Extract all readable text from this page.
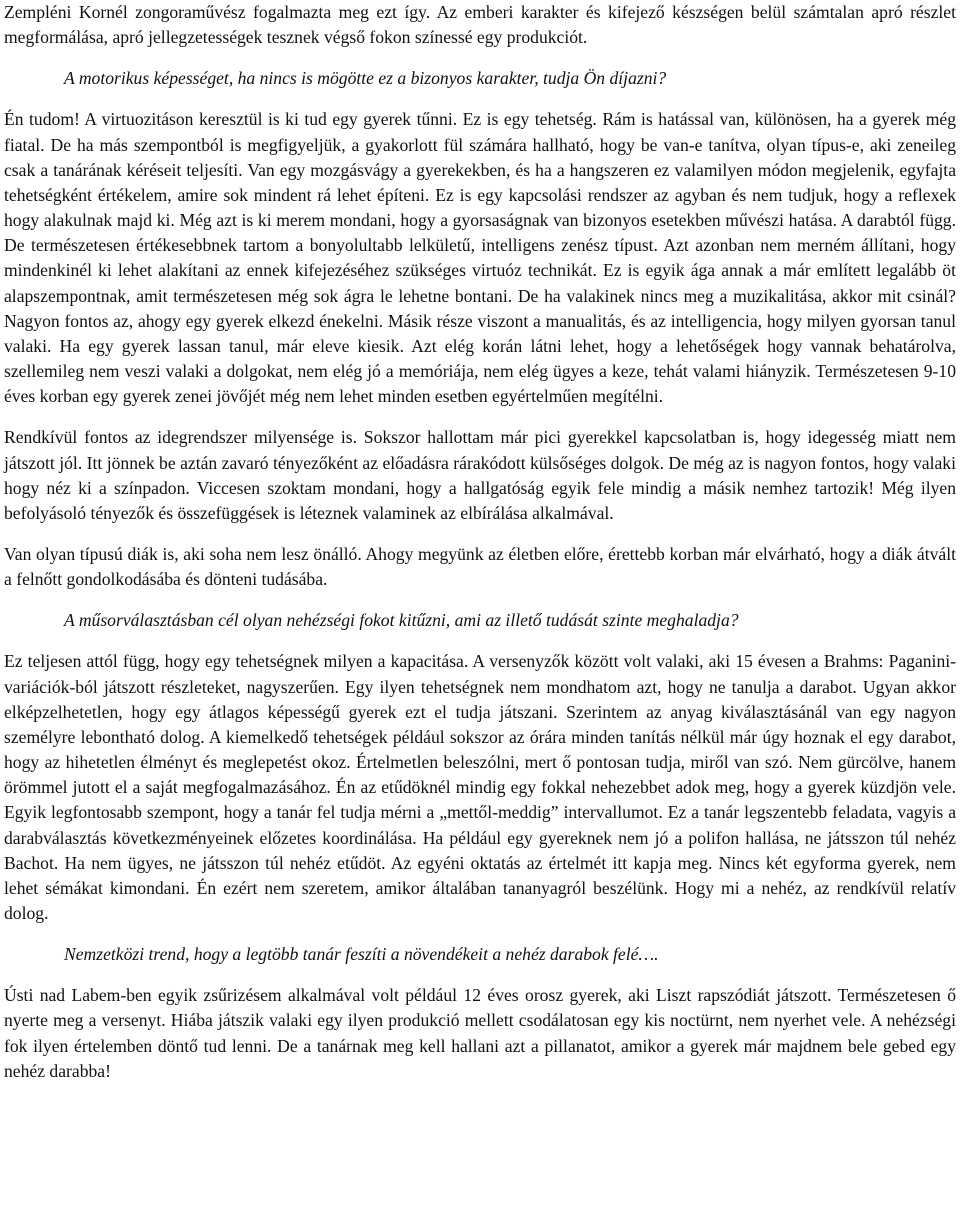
Zempléni Kornél zongoraművész fogalmazta meg ezt így. Az emberi karakter és kifejező készségen belül számtalan apró részlet megformálása, apró jellegzetességek tesznek végső fokon színessé egy produkciót.

A motorikus képességet, ha nincs is mögötte ez a bizonyos karakter, tudja Ön díjazni?

Én tudom! A virtuozitáson keresztül is ki tud egy gyerek tűnni. Ez is egy tehetség. Rám is hatással van, különösen, ha a gyerek még fiatal. De ha más szempontból is megfigyeljük, a gyakorlott fül számára hallható, hogy be van-e tanítva, olyan típus-e, aki zeneileg csak a tanárának kéréseit teljesíti. Van egy mozgásvágy a gyerekekben, és ha a hangszeren ez valamilyen módon megjelenik, egyfajta tehetségként értékelem, amire sok mindent rá lehet építeni. Ez is egy kapcsolási rendszer az agyban és nem tudjuk, hogy a reflexek hogy alakulnak majd ki. Még azt is ki merem mondani, hogy a gyorsaságnak van bizonyos esetekben művészi hatása. A darabtól függ. De természetesen értékesebbnek tartom a bonyolultabb lelkületű, intelligens zenész típust. Azt azonban nem merném állítani, hogy mindenkinél ki lehet alakítani az ennek kifejezéséhez szükséges virtuóz technikát. Ez is egyik ága annak a már említett legalább öt alapszempontnak, amit természetesen még sok ágra le lehetne bontani. De ha valakinek nincs meg a muzikalitása, akkor mit csinál? Nagyon fontos az, ahogy egy gyerek elkezd énekelni. Másik része viszont a manualitás, és az intelligencia, hogy milyen gyorsan tanul valaki. Ha egy gyerek lassan tanul, már eleve kiesik. Azt elég korán látni lehet, hogy a lehetőségek hogy vannak behatárolva, szellemileg nem veszi valaki a dolgokat, nem elég jó a memóriája, nem elég ügyes a keze, tehát valami hiányzik. Természetesen 9-10 éves korban egy gyerek zenei jövőjét még nem lehet minden esetben egyértelműen megítélni.

Rendkívül fontos az idegrendszer milyensége is. Sokszor hallottam már pici gyerekkel kapcsolatban is, hogy idegesség miatt nem játszott jól. Itt jönnek be aztán zavaró tényezőként az előadásra rárakódott külsőséges dolgok. De még az is nagyon fontos, hogy valaki hogy néz ki a színpadon. Viccesen szoktam mondani, hogy a hallgatóság egyik fele mindig a másik nemhez tartozik! Még ilyen befolyásoló tényezők és összefüggések is léteznek valaminek az elbírálása alkalmával.

Van olyan típusú diák is, aki soha nem lesz önálló. Ahogy megyünk az életben előre, érettebb korban már elvárható, hogy a diák átvált a felnőtt gondolkodásába és dönteni tudásába.

A műsorválasztásban cél olyan nehézségi fokot kitűzni, ami az illető tudását szinte meghaladja?

Ez teljesen attól függ, hogy egy tehetségnek milyen a kapacitása. A versenyzők között volt valaki, aki 15 évesen a Brahms: Paganini-variációk-ból játszott részleteket, nagyszerűen. Egy ilyen tehetségnek nem mondhatom azt, hogy ne tanulja a darabot. Ugyan akkor elképzelhetetlen, hogy egy átlagos képességű gyerek ezt el tudja játszani. Szerintem az anyag kiválasztásánál van egy nagyon személyre lebontható dolog. A kiemelkedő tehetségek például sokszor az órára minden tanítás nélkül már úgy hoznak el egy darabot, hogy az hihetetlen élményt és meglepetést okoz. Értelmetlen beleszólni, mert ő pontosan tudja, miről van szó. Nem gürcölve, hanem örömmel jutott el a saját megfogalmazásához. Én az etűdöknél mindig egy fokkal nehezebbet adok meg, hogy a gyerek küzdjön vele. Egyik legfontosabb szempont, hogy a tanár fel tudja mérni a „mettől-meddig” intervallumot. Ez a tanár legszentebb feladata, vagyis a darabválasztás következményeinek előzetes koordinálása. Ha például egy gyereknek nem jó a polifon hallása, ne játsszon túl nehéz Bachot. Ha nem ügyes, ne játsszon túl nehéz etűdöt. Az egyéni oktatás az értelmét itt kapja meg. Nincs két egyforma gyerek, nem lehet sémákat kimondani. Én ezért nem szeretem, amikor általában tananyagról beszélünk. Hogy mi a nehéz, az rendkívül relatív dolog.

Nemzetközi trend, hogy a legtöbb tanár feszíti a növendékeit a nehéz darabok felé….

Ústi nad Labem-ben egyik zsűrizésem alkalmával volt például 12 éves orosz gyerek, aki Liszt rapszódiát játszott. Természetesen ő nyerte meg a versenyt. Hiába játszik valaki egy ilyen produkció mellett csodálatosan egy kis noctürnt, nem nyerhet vele. A nehézségi fok ilyen értelemben döntő tud lenni. De a tanárnak meg kell hallani azt a pillanatot, amikor a gyerek már majdnem bele gebed egy nehéz darabba!
